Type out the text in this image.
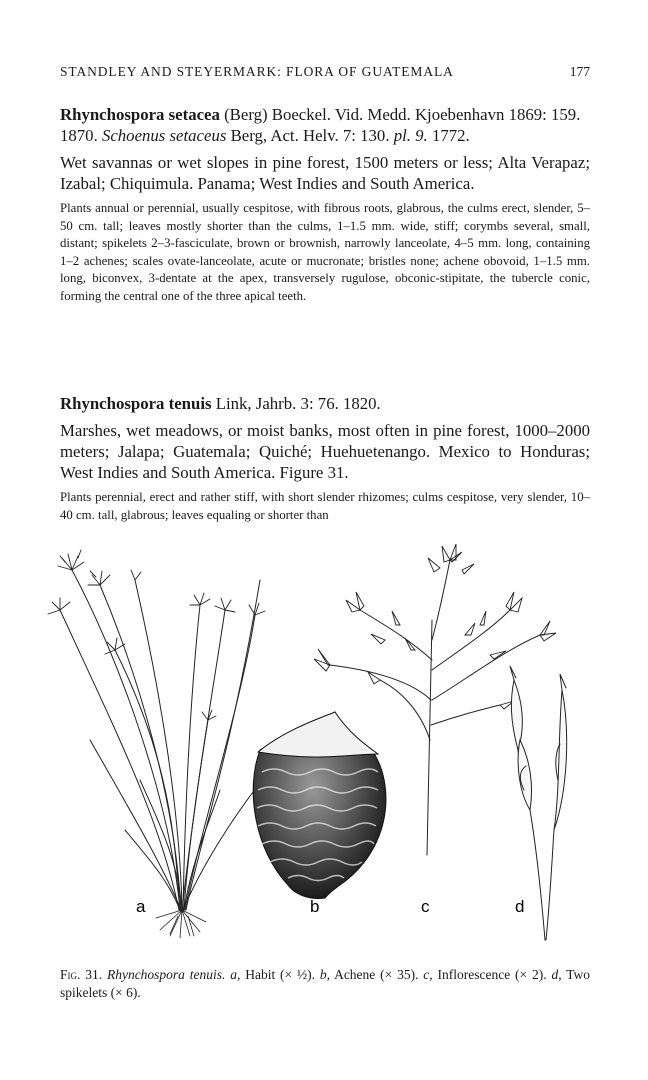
STANDLEY AND STEYERMARK: FLORA OF GUATEMALA	177
Rhynchospora setacea (Berg) Boeckel. Vid. Medd. Kjoebenhavn 1869: 159. 1870. Schoenus setaceus Berg, Act. Helv. 7: 130. pl. 9. 1772.
Wet savannas or wet slopes in pine forest, 1500 meters or less; Alta Verapaz; Izabal; Chiquimula. Panama; West Indies and South America.
Plants annual or perennial, usually cespitose, with fibrous roots, glabrous, the culms erect, slender, 5–50 cm. tall; leaves mostly shorter than the culms, 1–1.5 mm. wide, stiff; corymbs several, small, distant; spikelets 2–3-fasciculate, brown or brownish, narrowly lanceolate, 4–5 mm. long, containing 1–2 achenes; scales ovate-lanceolate, acute or mucronate; bristles none; achene obovoid, 1–1.5 mm. long, biconvex, 3-dentate at the apex, transversely rugulose, obconic-stipitate, the tubercle conic, forming the central one of the three apical teeth.
Rhynchospora tenuis Link, Jahrb. 3: 76. 1820.
Marshes, wet meadows, or moist banks, most often in pine forest, 1000–2000 meters; Jalapa; Guatemala; Quiché; Huehuetenango. Mexico to Honduras; West Indies and South America. Figure 31.
Plants perennial, erect and rather stiff, with short slender rhizomes; culms cespitose, very slender, 10–40 cm. tall, glabrous; leaves equaling or shorter than
a	b	c	d
Fig. 31. Rhynchospora tenuis. a, Habit (× ½). b, Achene (× 35). c, Inflorescence (× 2). d, Two spikelets (× 6).
